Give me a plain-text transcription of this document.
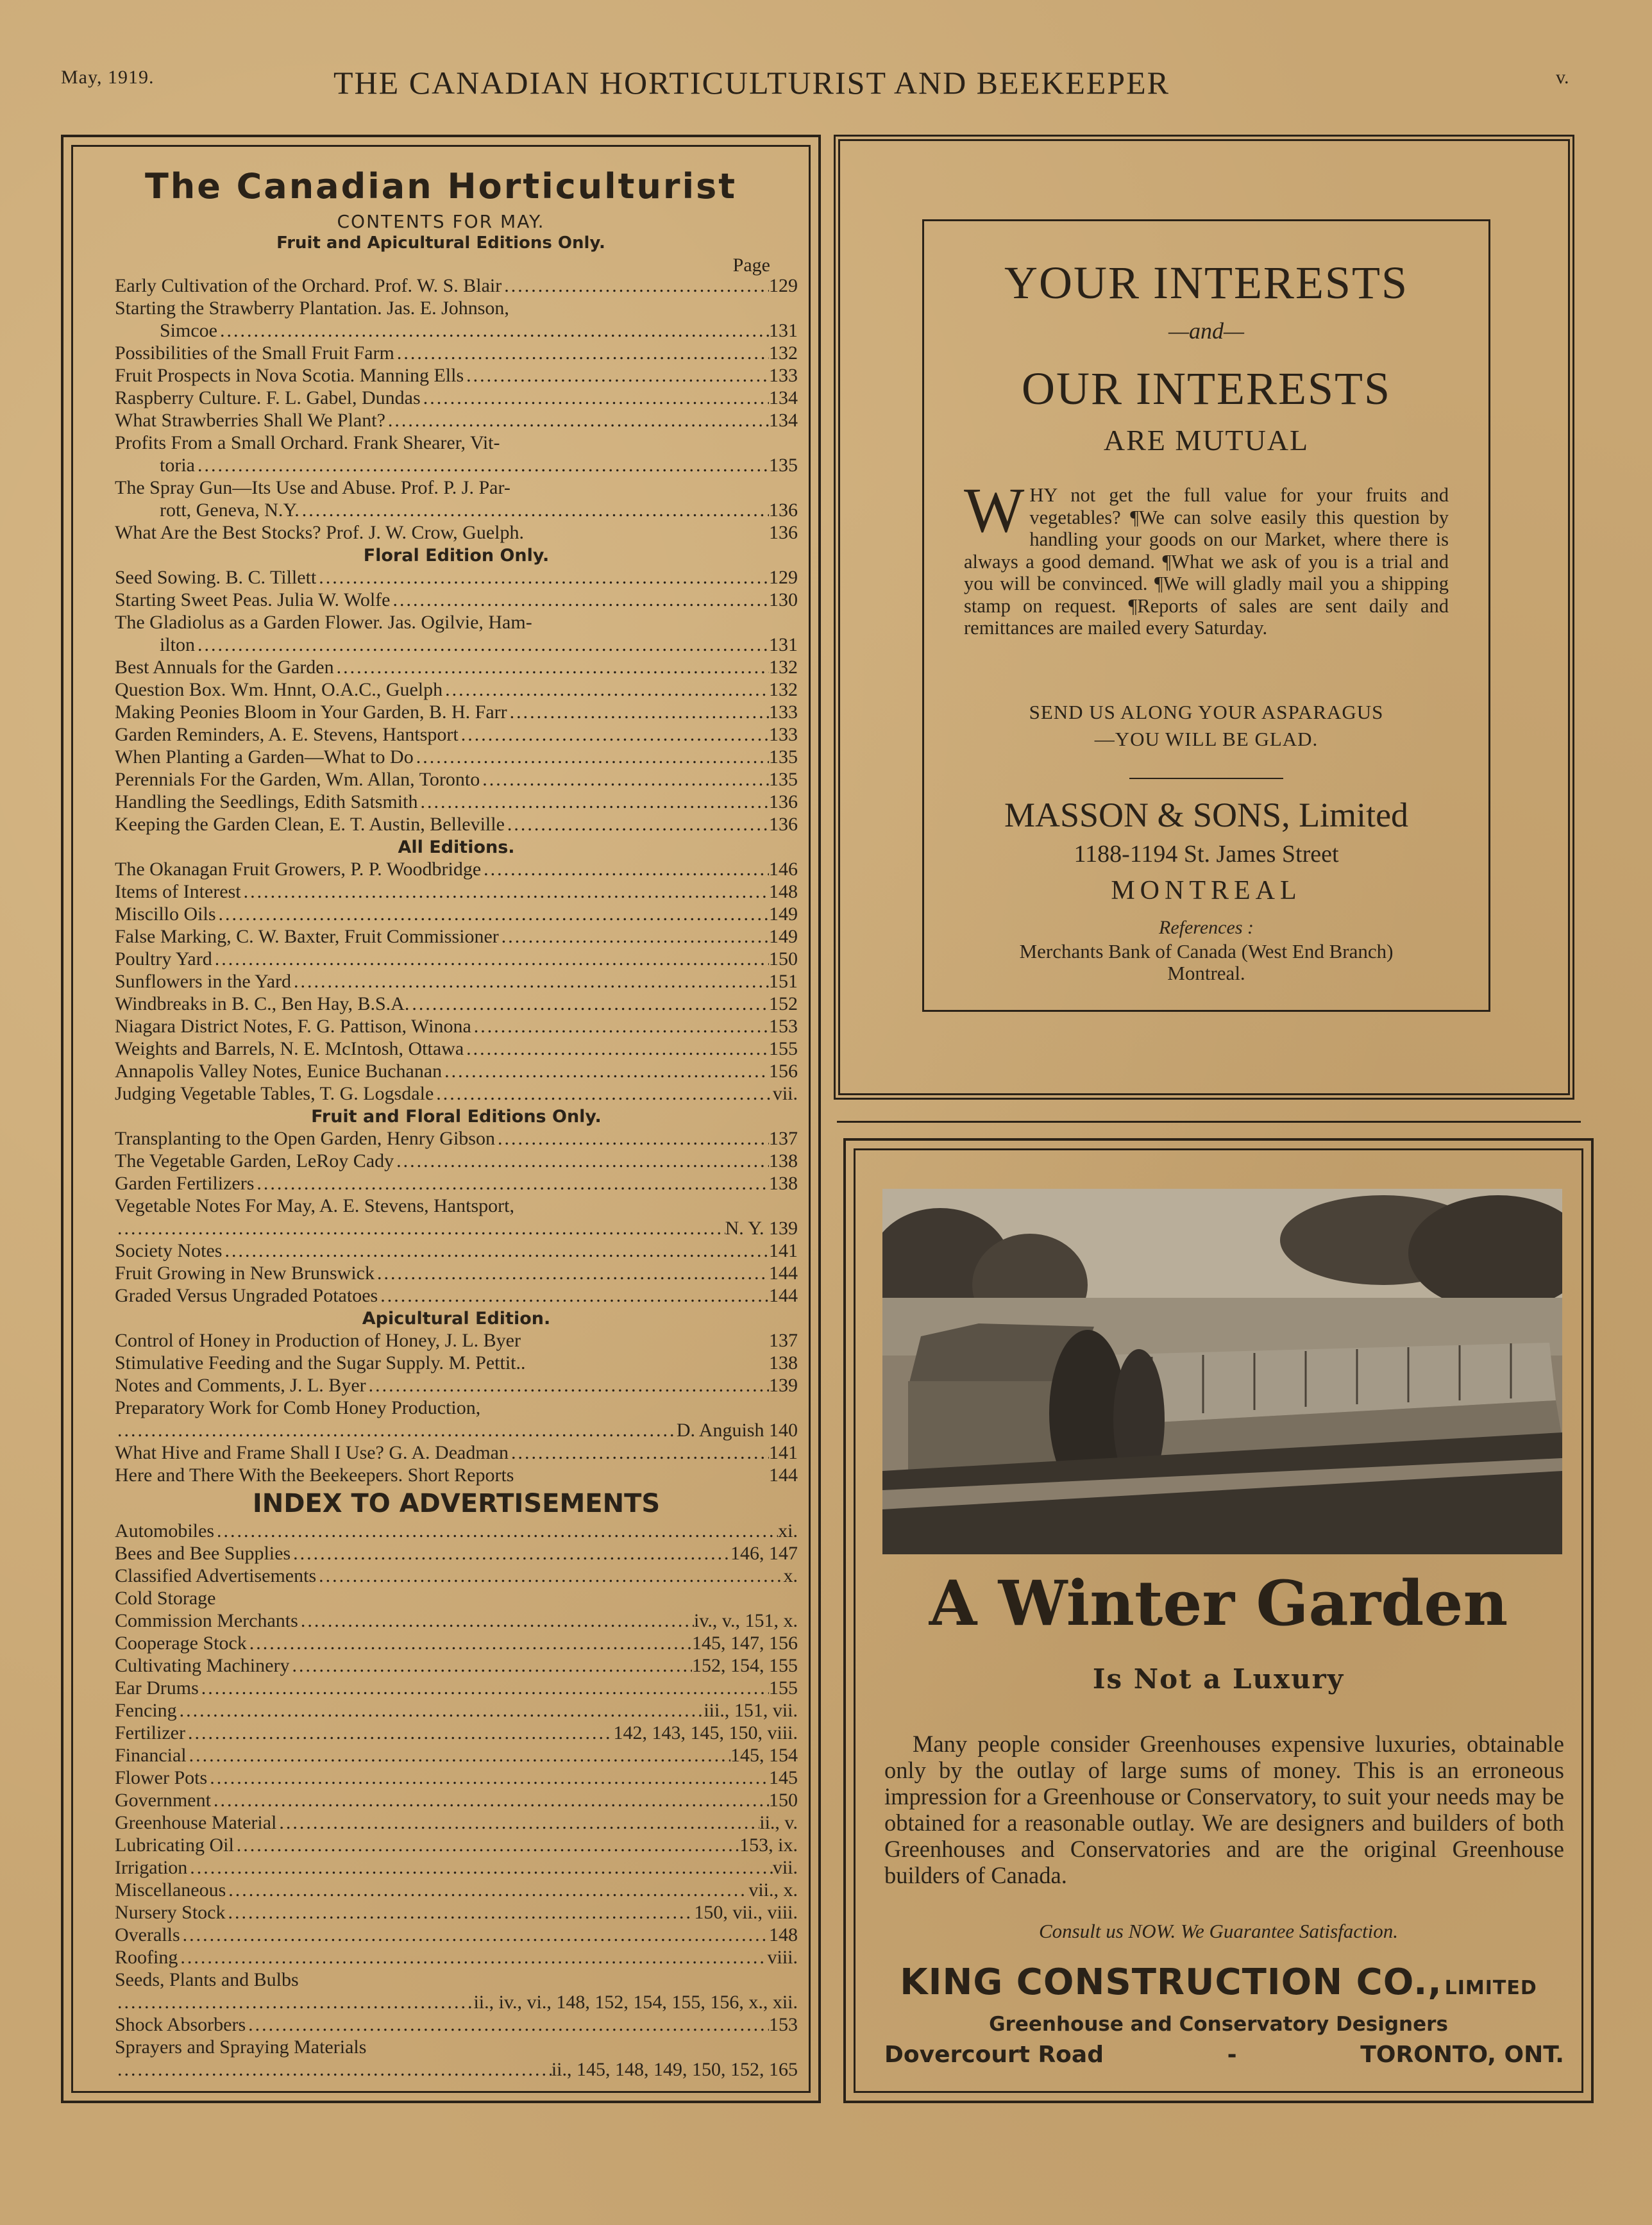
May, 1919.	THE CANADIAN HORTICULTURIST AND BEEKEEPER	v.
The Canadian Horticulturist
CONTENTS FOR MAY.
Fruit and Apicultural Editions Only.
Page
Early Cultivation of the Orchard. Prof. W. S. Blair .....	129
Starting the Strawberry Plantation. Jas. E. Johnson,
Simcoe .....	131
Possibilities of the Small Fruit Farm .....	132
Fruit Prospects in Nova Scotia. Manning Ells .....	133
Raspberry Culture. F. L. Gabel, Dundas .....	134
What Strawberries Shall We Plant? .....	134
Profits From a Small Orchard. Frank Shearer, Vit-
toria .....	135
The Spray Gun—Its Use and Abuse. Prof. P. J. Par-
rott, Geneva, N.Y. .....	136
What Are the Best Stocks? Prof. J. W. Crow, Guelph.	136
Floral Edition Only.
Seed Sowing. B. C. Tillett .....	129
Starting Sweet Peas. Julia W. Wolfe .....	130
The Gladiolus as a Garden Flower. Jas. Ogilvie, Ham-
ilton .....	131
Best Annuals for the Garden .....	132
Question Box. Wm. Hnnt, O.A.C., Guelph .....	132
Making Peonies Bloom in Your Garden, B. H. Farr .....	133
Garden Reminders, A. E. Stevens, Hantsport .....	133
When Planting a Garden—What to Do .....	135
Perennials For the Garden, Wm. Allan, Toronto .....	135
Handling the Seedlings, Edith Satsmith .....	136
Keeping the Garden Clean, E. T. Austin, Belleville .....	136
All Editions.
The Okanagan Fruit Growers, P. P. Woodbridge .....	146
Items of Interest .....	148
Miscillo Oils .....	149
False Marking, C. W. Baxter, Fruit Commissioner .....	149
Poultry Yard .....	150
Sunflowers in the Yard .....	151
Windbreaks in B. C., Ben Hay, B.S.A. .....	152
Niagara District Notes, F. G. Pattison, Winona .....	153
Weights and Barrels, N. E. McIntosh, Ottawa .....	155
Annapolis Valley Notes, Eunice Buchanan .....	156
Judging Vegetable Tables, T. G. Logsdale .....	vii.
Fruit and Floral Editions Only.
Transplanting to the Open Garden, Henry Gibson .....	137
The Vegetable Garden, LeRoy Cady .....	138
Garden Fertilizers .....	138
Vegetable Notes For May, A. E. Stevens, Hantsport,
.....
N. Y. 139
Society Notes .....	141
Fruit Growing in New Brunswick .....	144
Graded Versus Ungraded Potatoes .....	144
Apicultural Edition.
Control of Honey in Production of Honey, J. L. Byer	137
Stimulative Feeding and the Sugar Supply. M. Pettit..	138
Notes and Comments, J. L. Byer .....	139
Preparatory Work for Comb Honey Production,
.....
D. Anguish 140
What Hive and Frame Shall I Use? G. A. Deadman .....	141
Here and There With the Beekeepers. Short Reports	144
INDEX TO ADVERTISEMENTS
Automobiles .....	xi.
Bees and Bee Supplies .....	146, 147
Classified Advertisements .....	x.
Cold Storage
Commission Merchants .....	iv., v., 151, x.
Cooperage Stock .....	145, 147, 156
Cultivating Machinery .....	152, 154, 155
Ear Drums .....	155
Fencing .....	iii., 151, vii.
Fertilizer .....	142, 143, 145, 150, viii.
Financial .....	145, 154
Flower Pots .....	145
Government .....	150
Greenhouse Material .....	ii., v.
Lubricating Oil .....	153, ix.
Irrigation .....	vii.
Miscellaneous .....	vii., x.
Nursery Stock .....	150, vii., viii.
Overalls .....	148
Roofing .....	viii.
Seeds, Plants and Bulbs
.....
ii., iv., vi., 148, 152, 154, 155, 156, x., xii.
Shock Absorbers .....	153
Sprayers and Spraying Materials
.....
ii., 145, 148, 149, 150, 152, 165
YOUR INTERESTS
—and—
OUR INTERESTS
ARE MUTUAL
WHY not get the full value for your fruits and vegetables? ¶We can solve easily this question by handling your goods on our Market, where there is always a good demand. ¶What we ask of you is a trial and you will be convinced. ¶We will gladly mail you a shipping stamp on request. ¶Reports of sales are sent daily and remittances are mailed every Saturday.
SEND US ALONG YOUR ASPARAGUS
—YOU WILL BE GLAD.
MASSON & SONS, Limited
1188-1194 St. James Street
MONTREAL
References :
Merchants Bank of Canada (West End Branch)
Montreal.
A Winter Garden
Is Not a Luxury
Many people consider Greenhouses expensive luxuries, obtainable only by the outlay of large sums of money. This is an erroneous impression for a Greenhouse or Conservatory, to suit your needs may be obtained for a reasonable outlay. We are designers and builders of both Greenhouses and Conservatories and are the original Greenhouse builders of Canada.
Consult us NOW. We Guarantee Satisfaction.
KING CONSTRUCTION CO., LIMITED
Greenhouse and Conservatory Designers
Dovercourt Road	-	TORONTO, ONT.
